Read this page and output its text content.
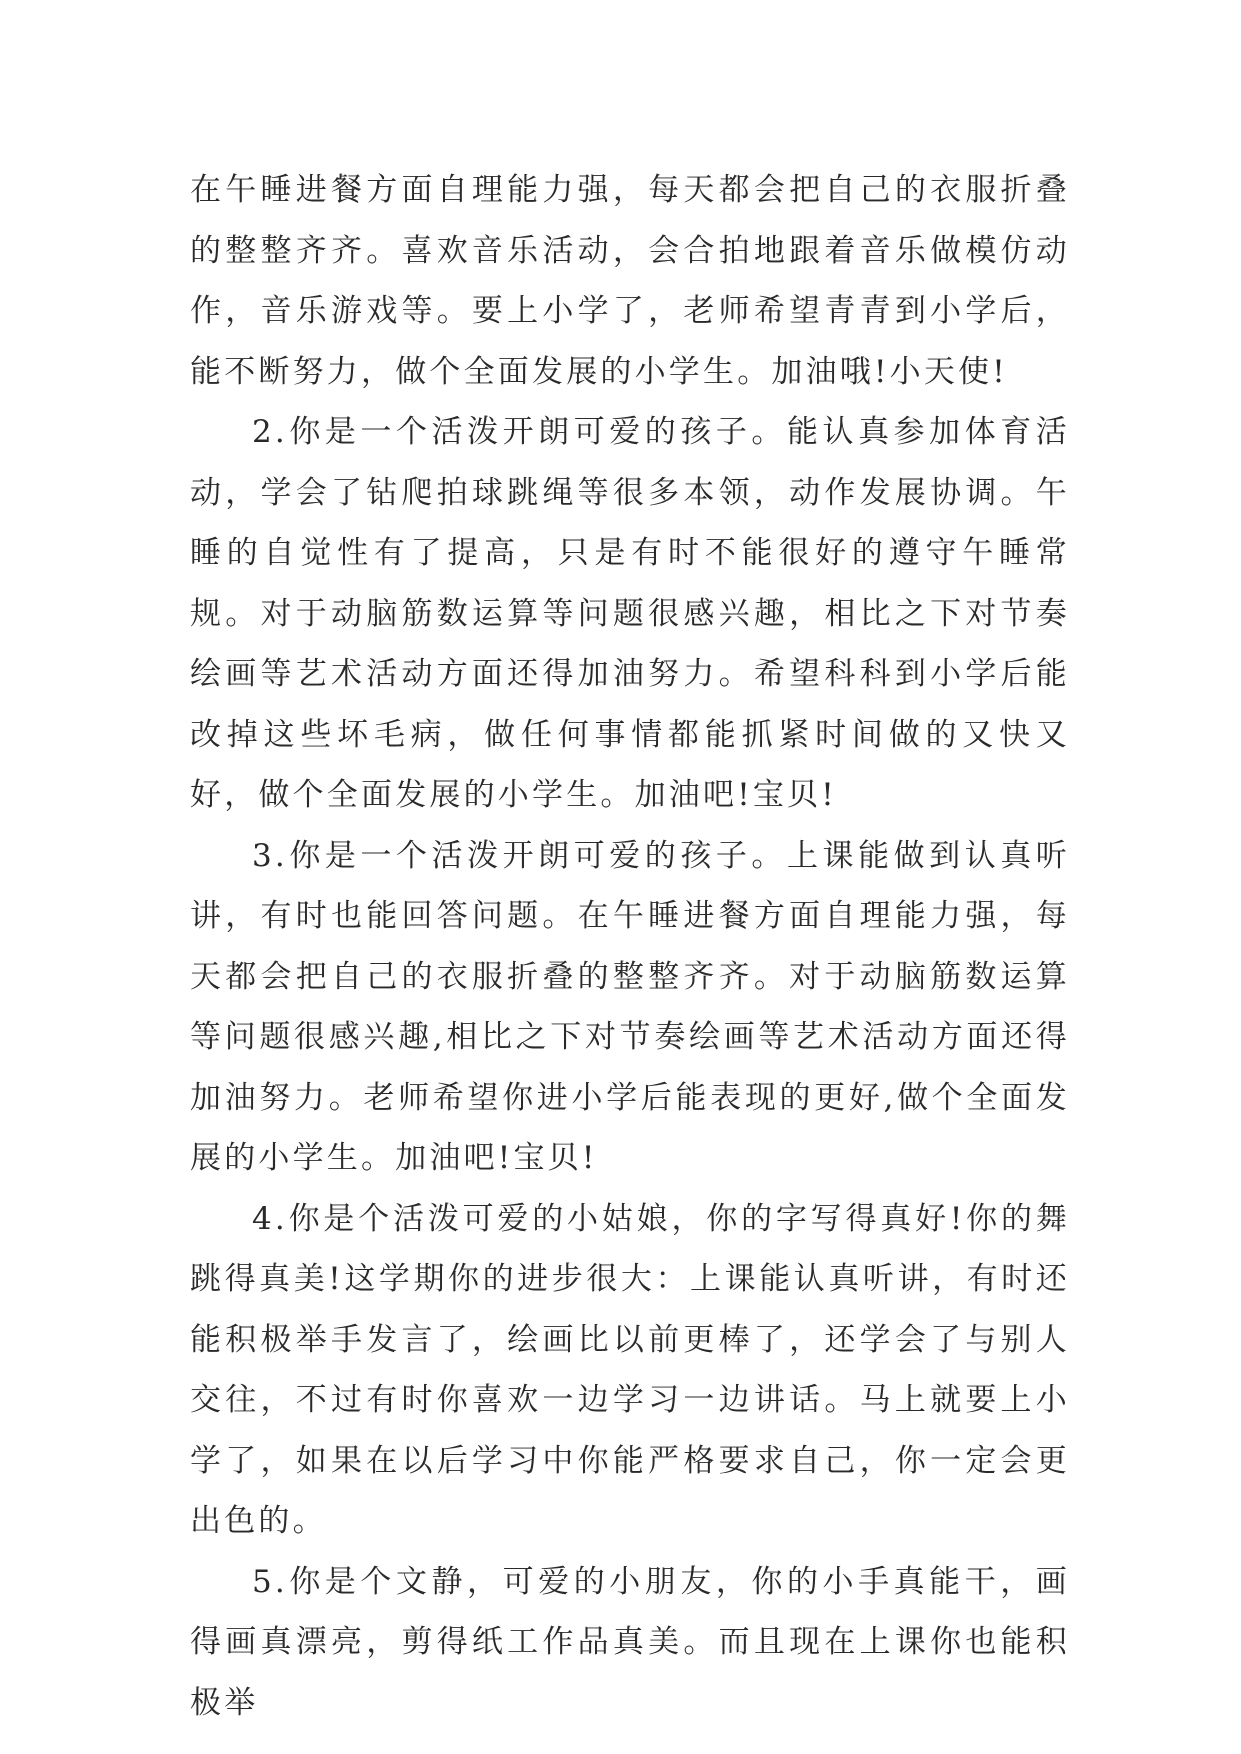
在午睡进餐方面自理能力强，每天都会把自己的衣服折叠的整整齐齐。喜欢音乐活动，会合拍地跟着音乐做模仿动作，音乐游戏等。要上小学了，老师希望青青到小学后，能不断努力，做个全面发展的小学生。加油哦!小天使!

2.你是一个活泼开朗可爱的孩子。能认真参加体育活动，学会了钻爬拍球跳绳等很多本领，动作发展协调。午睡的自觉性有了提高，只是有时不能很好的遵守午睡常规。对于动脑筋数运算等问题很感兴趣，相比之下对节奏绘画等艺术活动方面还得加油努力。希望科科到小学后能改掉这些坏毛病，做任何事情都能抓紧时间做的又快又好，做个全面发展的小学生。加油吧!宝贝!

3.你是一个活泼开朗可爱的孩子。上课能做到认真听讲，有时也能回答问题。在午睡进餐方面自理能力强，每天都会把自己的衣服折叠的整整齐齐。对于动脑筋数运算等问题很感兴趣,相比之下对节奏绘画等艺术活动方面还得加油努力。老师希望你进小学后能表现的更好,做个全面发展的小学生。加油吧!宝贝!

4.你是个活泼可爱的小姑娘，你的字写得真好!你的舞跳得真美!这学期你的进步很大：上课能认真听讲，有时还能积极举手发言了，绘画比以前更棒了，还学会了与别人交往，不过有时你喜欢一边学习一边讲话。马上就要上小学了，如果在以后学习中你能严格要求自己，你一定会更出色的。

5.你是个文静，可爱的小朋友，你的小手真能干，画得画真漂亮，剪得纸工作品真美。而且现在上课你也能积极举
